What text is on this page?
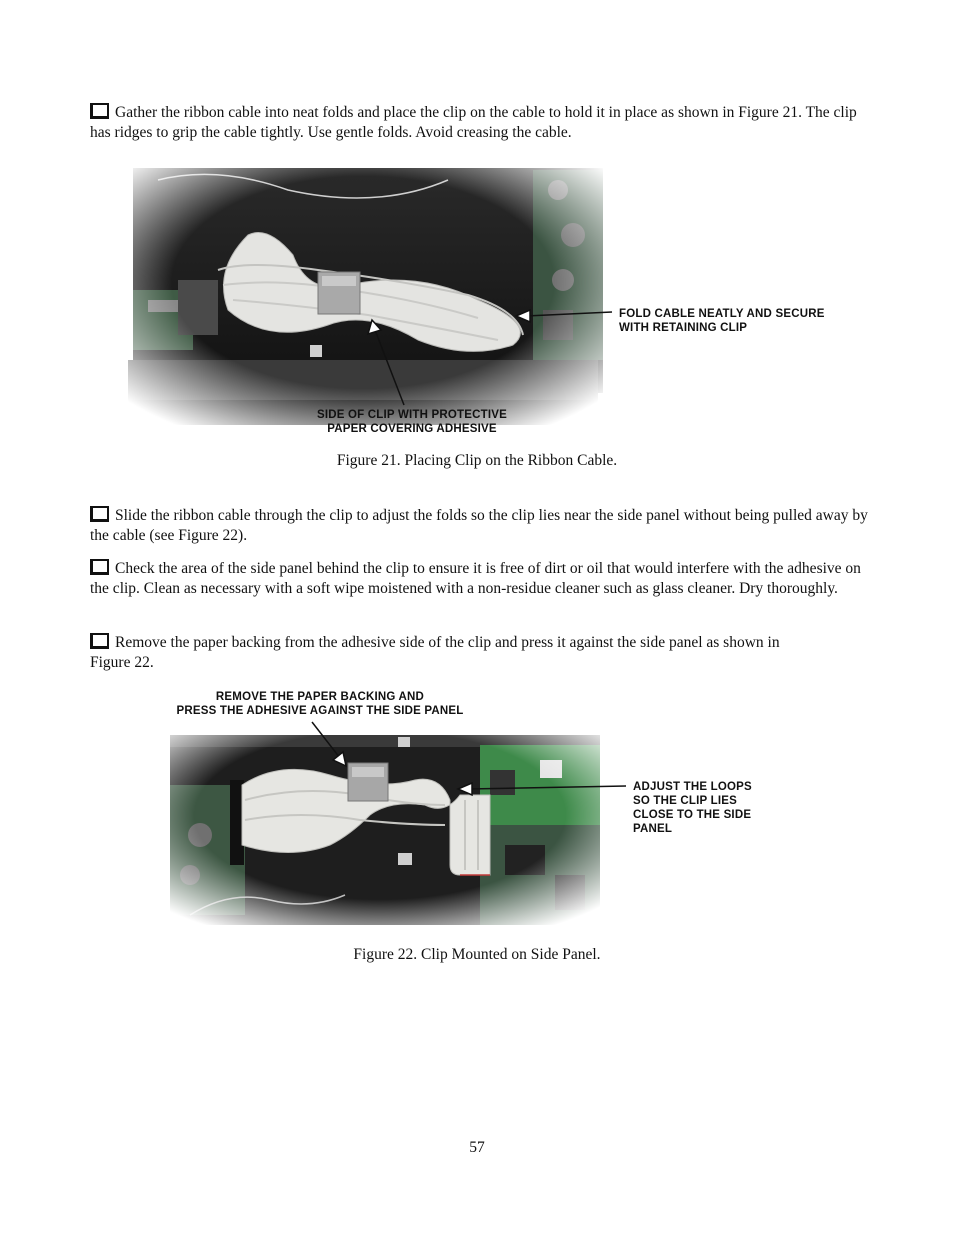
Gather the ribbon cable into neat folds and place the clip on the cable to hold it in place as shown in Figure 21. The clip has ridges to grip the cable tightly. Use gentle folds. Avoid creasing the cable.
FOLD CABLE NEATLY AND SECURE
WITH RETAINING CLIP
SIDE OF CLIP WITH PROTECTIVE
PAPER COVERING ADHESIVE
Figure 21. Placing Clip on the Ribbon Cable.
Slide the ribbon cable through the clip to adjust the folds so the clip lies near the side panel without being pulled away by the cable (see Figure 22).
Check the area of the side panel behind the clip to ensure it is free of dirt or oil that would interfere with the adhesive on the clip. Clean as necessary with a soft wipe moistened with a non-residue cleaner such as glass cleaner. Dry thoroughly.
Remove the paper backing from the adhesive side of the clip and press it against the side panel as shown in Figure 22.
REMOVE THE PAPER BACKING AND
PRESS THE ADHESIVE AGAINST THE SIDE PANEL
ADJUST THE LOOPS
SO THE CLIP LIES
CLOSE TO THE SIDE
PANEL
Figure 22. Clip Mounted on Side Panel.
57
